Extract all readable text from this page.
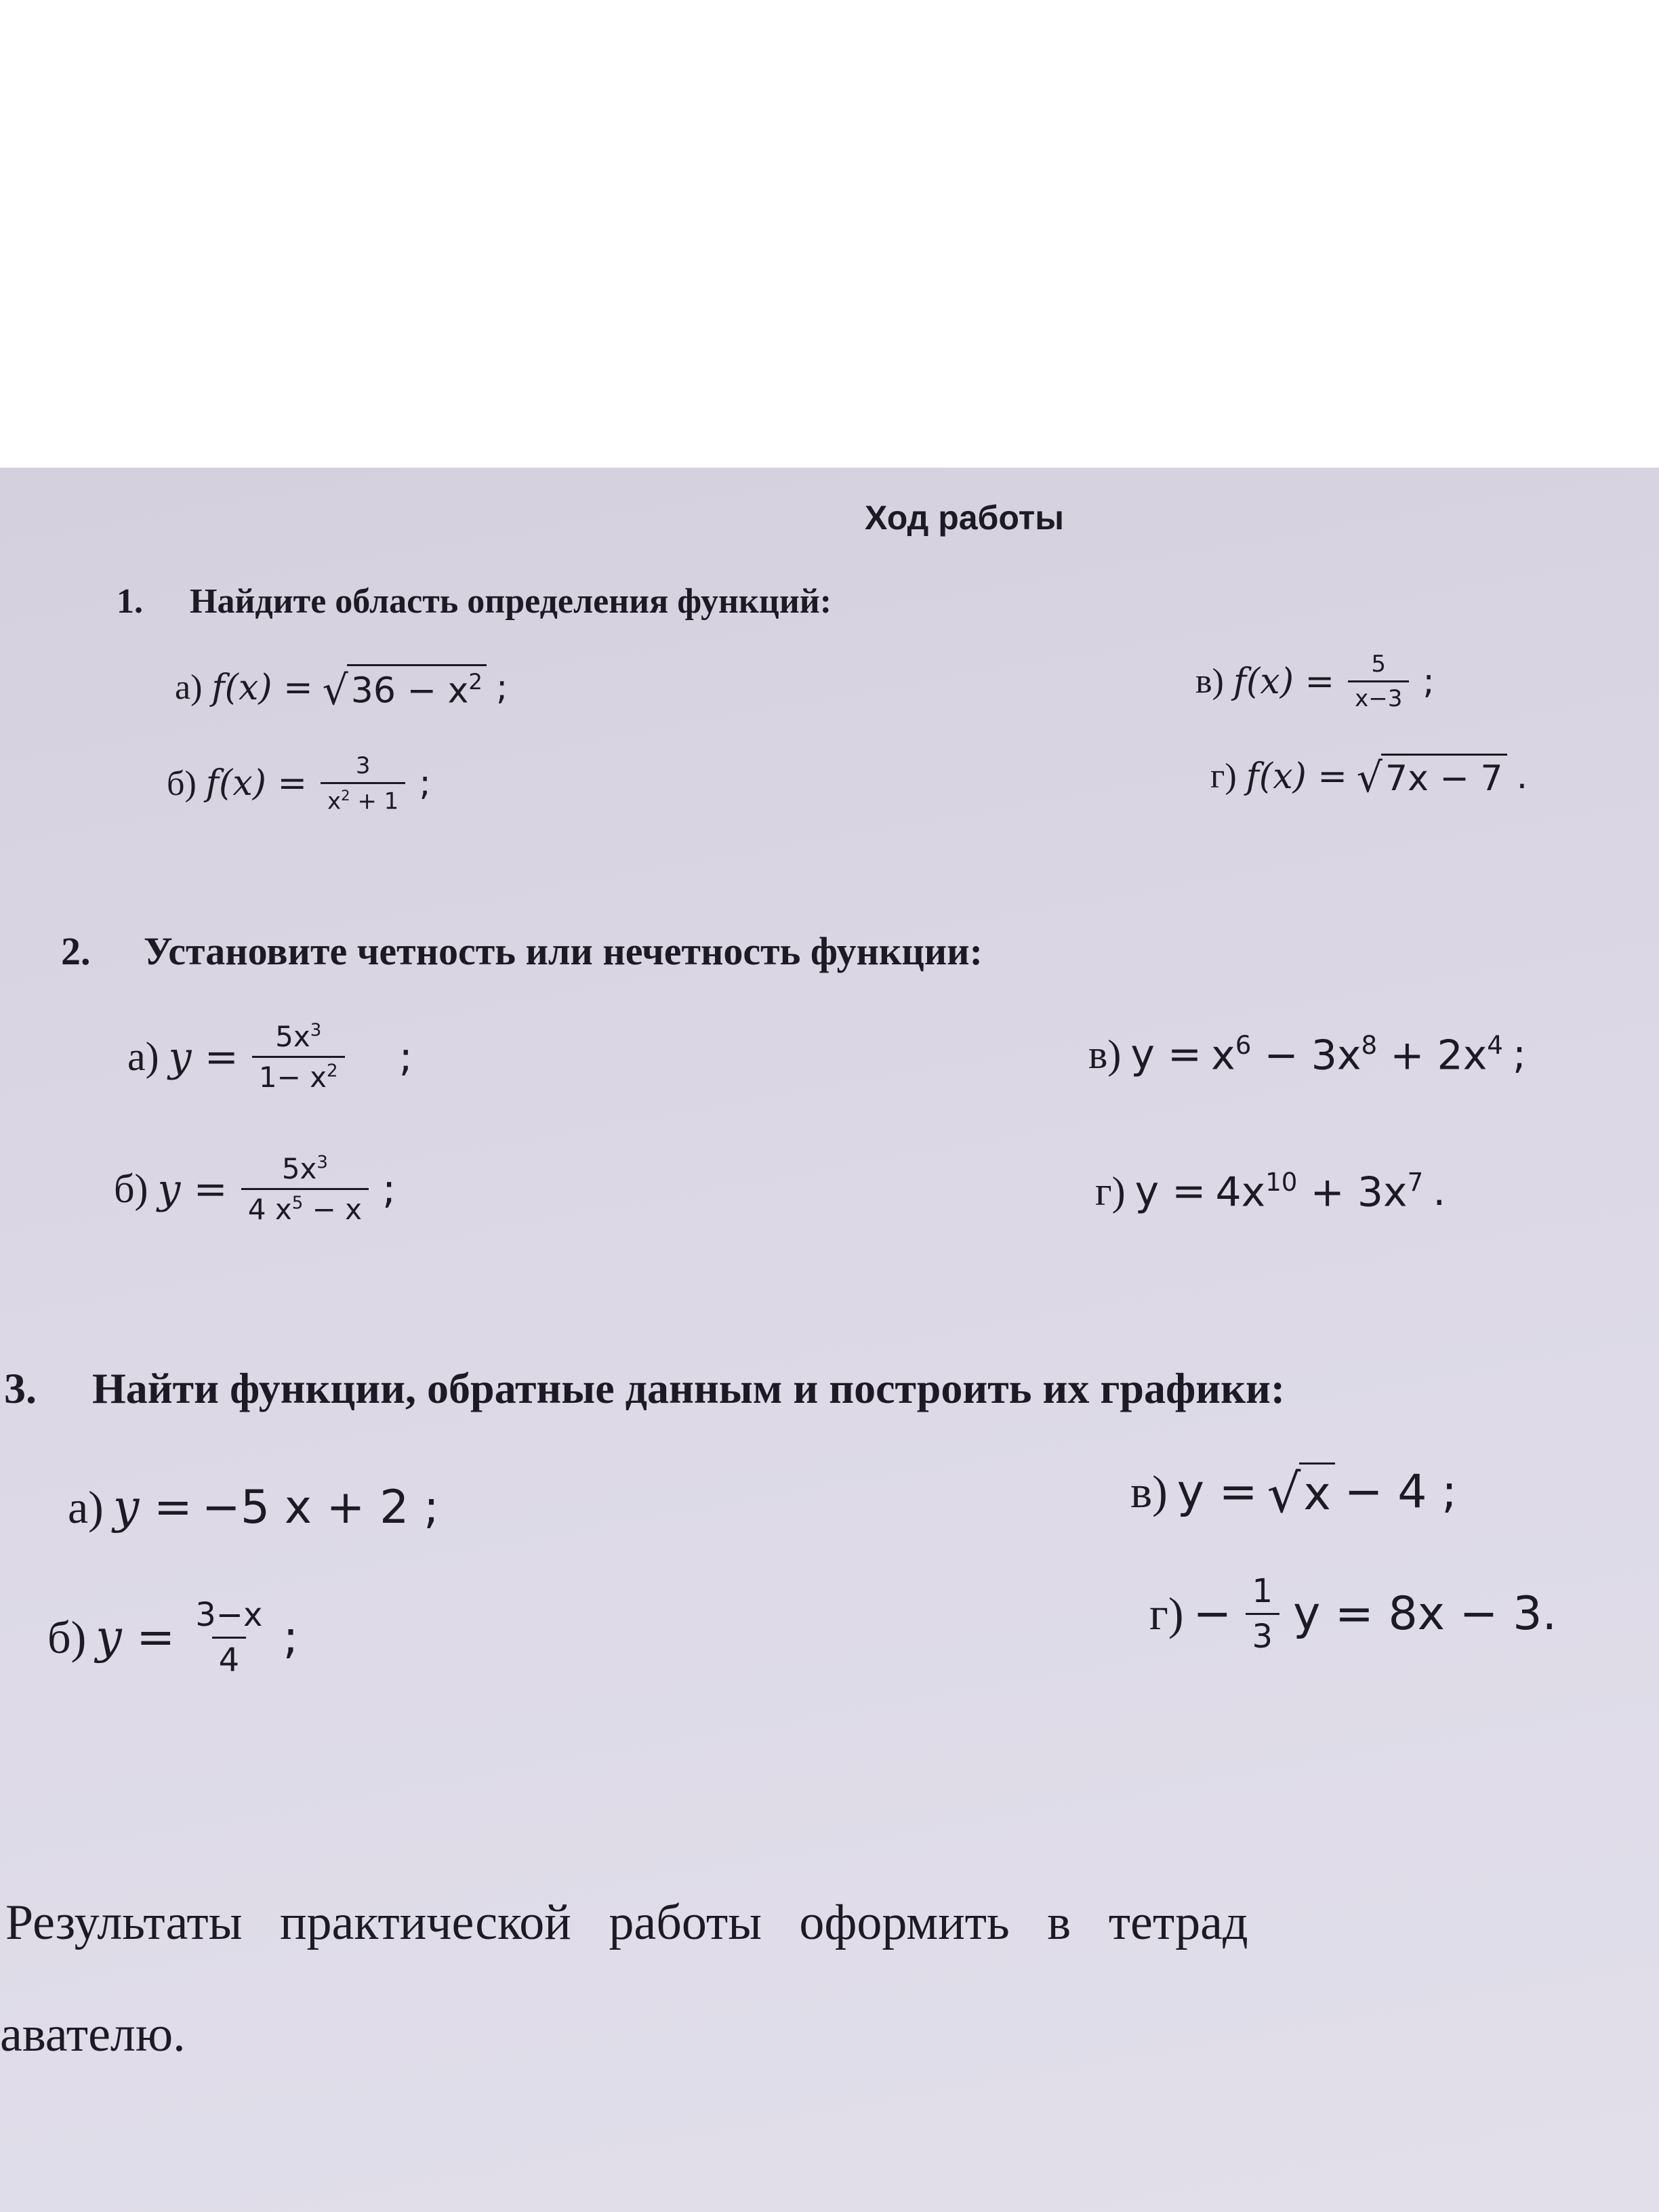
Ход работы
1. Найдите область определения функций:
а) f(x) = √ $36 - x^2$ ;
б) $f(x) = \frac{3}{x^2 + 1}$ ;
в) $f(x) = \frac{5}{x-3}$ ;
г) f(x) = √ 7x − 7 .
2. Установите четность или нечетность функции:
а) $y = \frac{5x^3}{1- x^2}$ ;
б) $y = \frac{5x^3}{4 x^5 - x}$ ;
в) $y = x^6 - 3x^8 + 2x^4$ ;
г) $y = 4x^{10} + 3x^7$ .
3. Найти функции, обратные данным и построить их графики:
а) y = −5 x + 2 ;
б) $y = \frac{3-x}{4}$ ;
в) y = √ x − 4 ;
$г) - \frac{1}{3}$ y = 8x − 3.
Результаты   практической   работы   оформить   в   тетрад
авателю.
